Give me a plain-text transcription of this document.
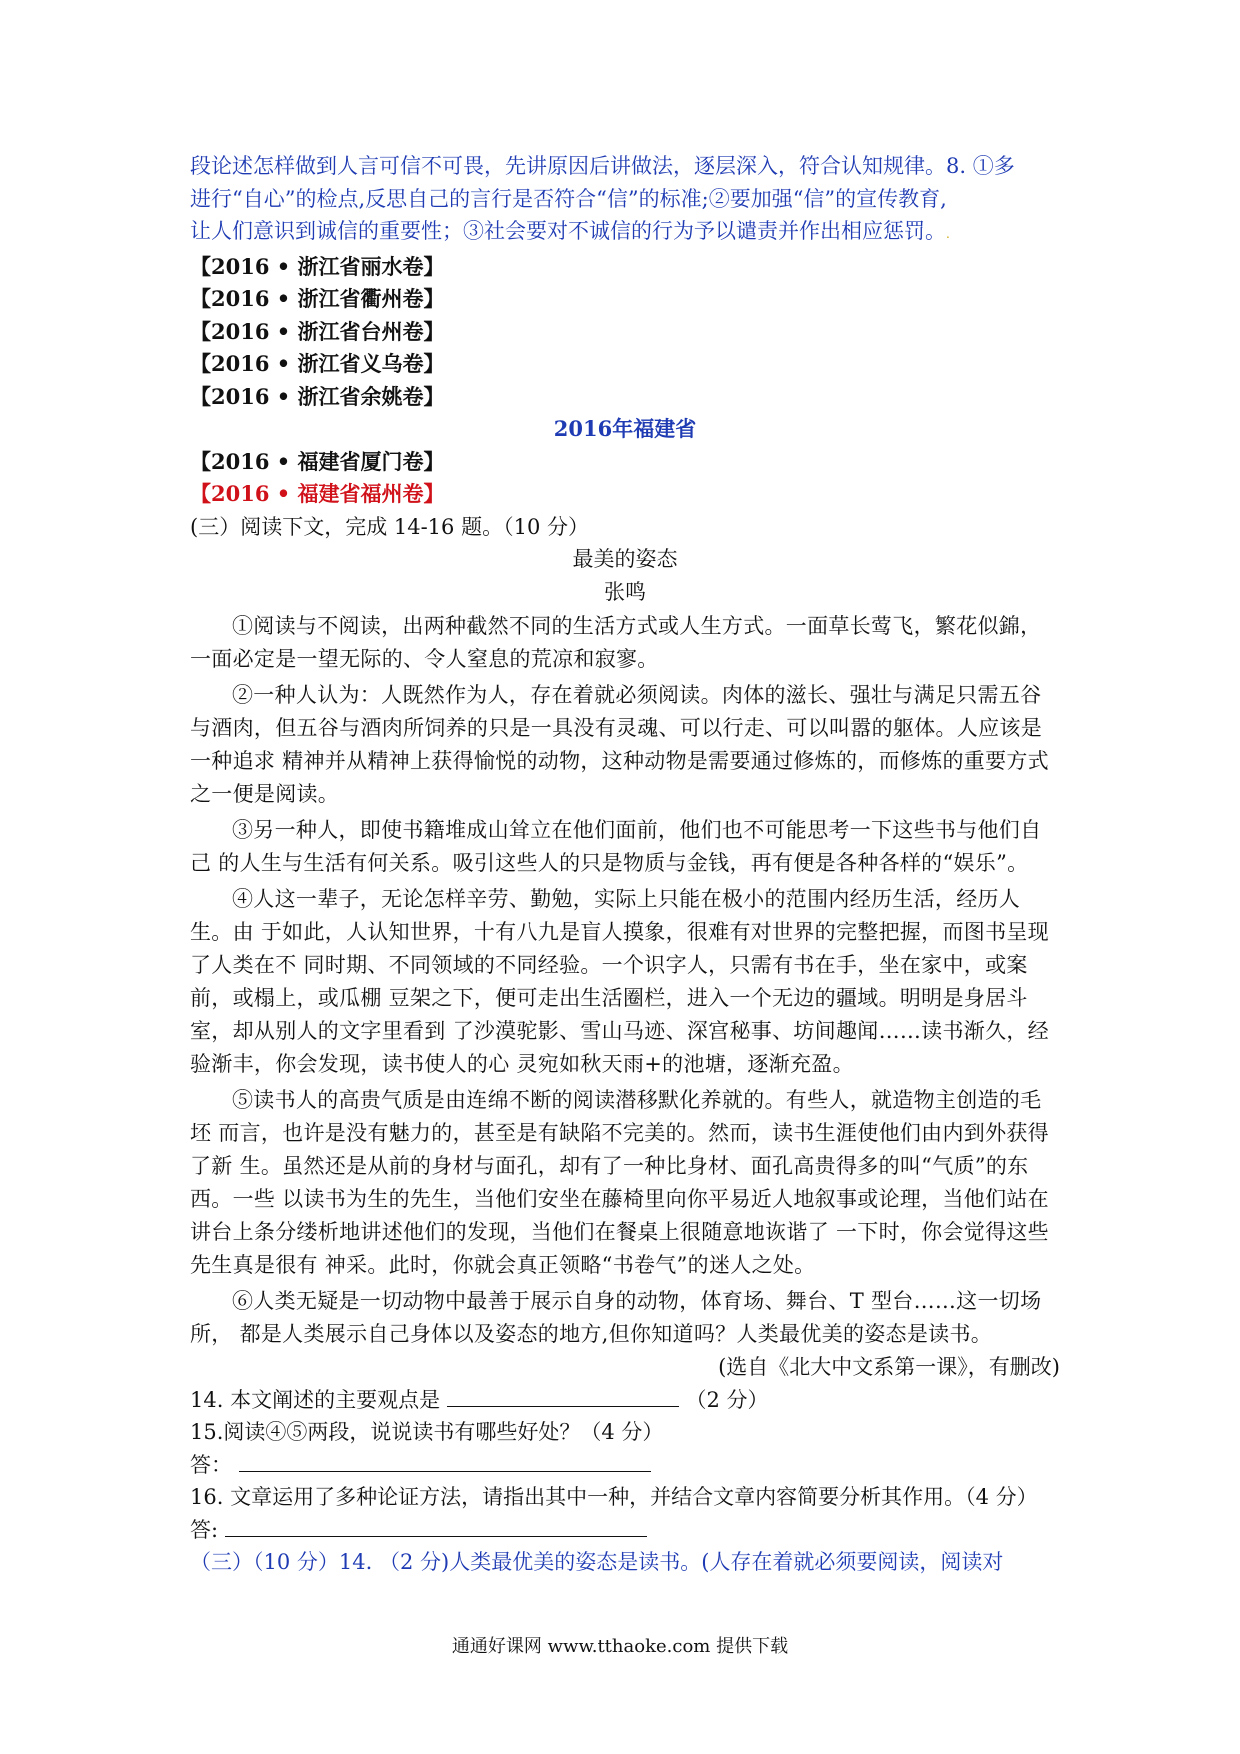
段论述怎样做到人言可信不可畏，先讲原因后讲做法，逐层深入，符合认知规律。8. ①多
进行“自心”的检点,反思自己的言行是否符合“信”的标准;②要加强“信”的宣传教育,
让人们意识到诚信的重要性；③社会要对不诚信的行为予以谴责并作出相应惩罚。.
【2016 • 浙江省丽水卷】
【2016 • 浙江省衢州卷】
【2016 • 浙江省台州卷】
【2016 • 浙江省义乌卷】
【2016 • 浙江省余姚卷】
2016年福建省
【2016 • 福建省厦门卷】
【2016 • 福建省福州卷】
(三）阅读下文，完成 14-16 题。（10 分）
最美的姿态
张鸣
①阅读与不阅读，出两种截然不同的生活方式或人生方式。一面草长莺飞，繁花似錦，一面必定是一望无际的、令人窒息的荒凉和寂寥。
②一种人认为：人既然作为人，存在着就必须阅读。肉体的滋长、强壮与满足只需五谷与酒肉，但五谷与酒肉所饲养的只是一具没有灵魂、可以行走、可以叫嚣的躯体。人应该是一种追求 精神并从精神上获得愉悦的动物，这种动物是需要通过修炼的，而修炼的重要方式之一便是阅读。
③另一种人，即使书籍堆成山耸立在他们面前，他们也不可能思考一下这些书与他们自己 的人生与生活有何关系。吸引这些人的只是物质与金钱，再有便是各种各样的“娱乐”。
④人这一辈子，无论怎样辛劳、勤勉，实际上只能在极小的范围内经历生活，经历人生。由 于如此，人认知世界，十有八九是盲人摸象，很难有对世界的完整把握，而图书呈现了人类在不 同时期、不同领域的不同经验。一个识字人，只需有书在手，坐在家中，或案前，或榻上，或瓜棚 豆架之下，便可走出生活圈栏，进入一个无边的疆域。明明是身居斗室，却从别人的文字里看到 了沙漠驼影、雪山马迹、深宫秘事、坊间趣闻……读书渐久，经验渐丰，你会发现，读书使人的心 灵宛如秋天雨+的池塘，逐渐充盈。
⑤读书人的高贵气质是由连绵不断的阅读潜移默化养就的。有些人，就造物主创造的毛坯 而言，也许是没有魅力的，甚至是有缺陷不完美的。然而，读书生涯使他们由内到外获得了新 生。虽然还是从前的身材与面孔，却有了一种比身材、面孔高贵得多的叫“气质”的东西。一些 以读书为生的先生，当他们安坐在藤椅里向你平易近人地叙事或论理，当他们站在讲台上条分缕析地讲述他们的发现，当他们在餐桌上很随意地诙谐了 一下时，你会觉得这些先生真是很有 神采。此时，你就会真正领略“书卷气”的迷人之处。
⑥人类无疑是一切动物中最善于展示自身的动物，体育场、舞台、T 型台……这一切场所， 都是人类展示自己身体以及姿态的地方,但你知道吗？人类最优美的姿态是读书。
(选自《北大中文系第一课》，有删改)
14. 本文阐述的主要观点是	（2 分）
15.阅读④⑤两段，说说读书有哪些好处？（4 分）
答：
16. 文章运用了多种论证方法，请指出其中一种，并结合文章内容简要分析其作用。（4 分）
答:
（三）（10 分）14. （2 分)人类最优美的姿态是读书。(人存在着就必须要阅读，阅读对
通通好课网 www.tthaoke.com 提供下载
